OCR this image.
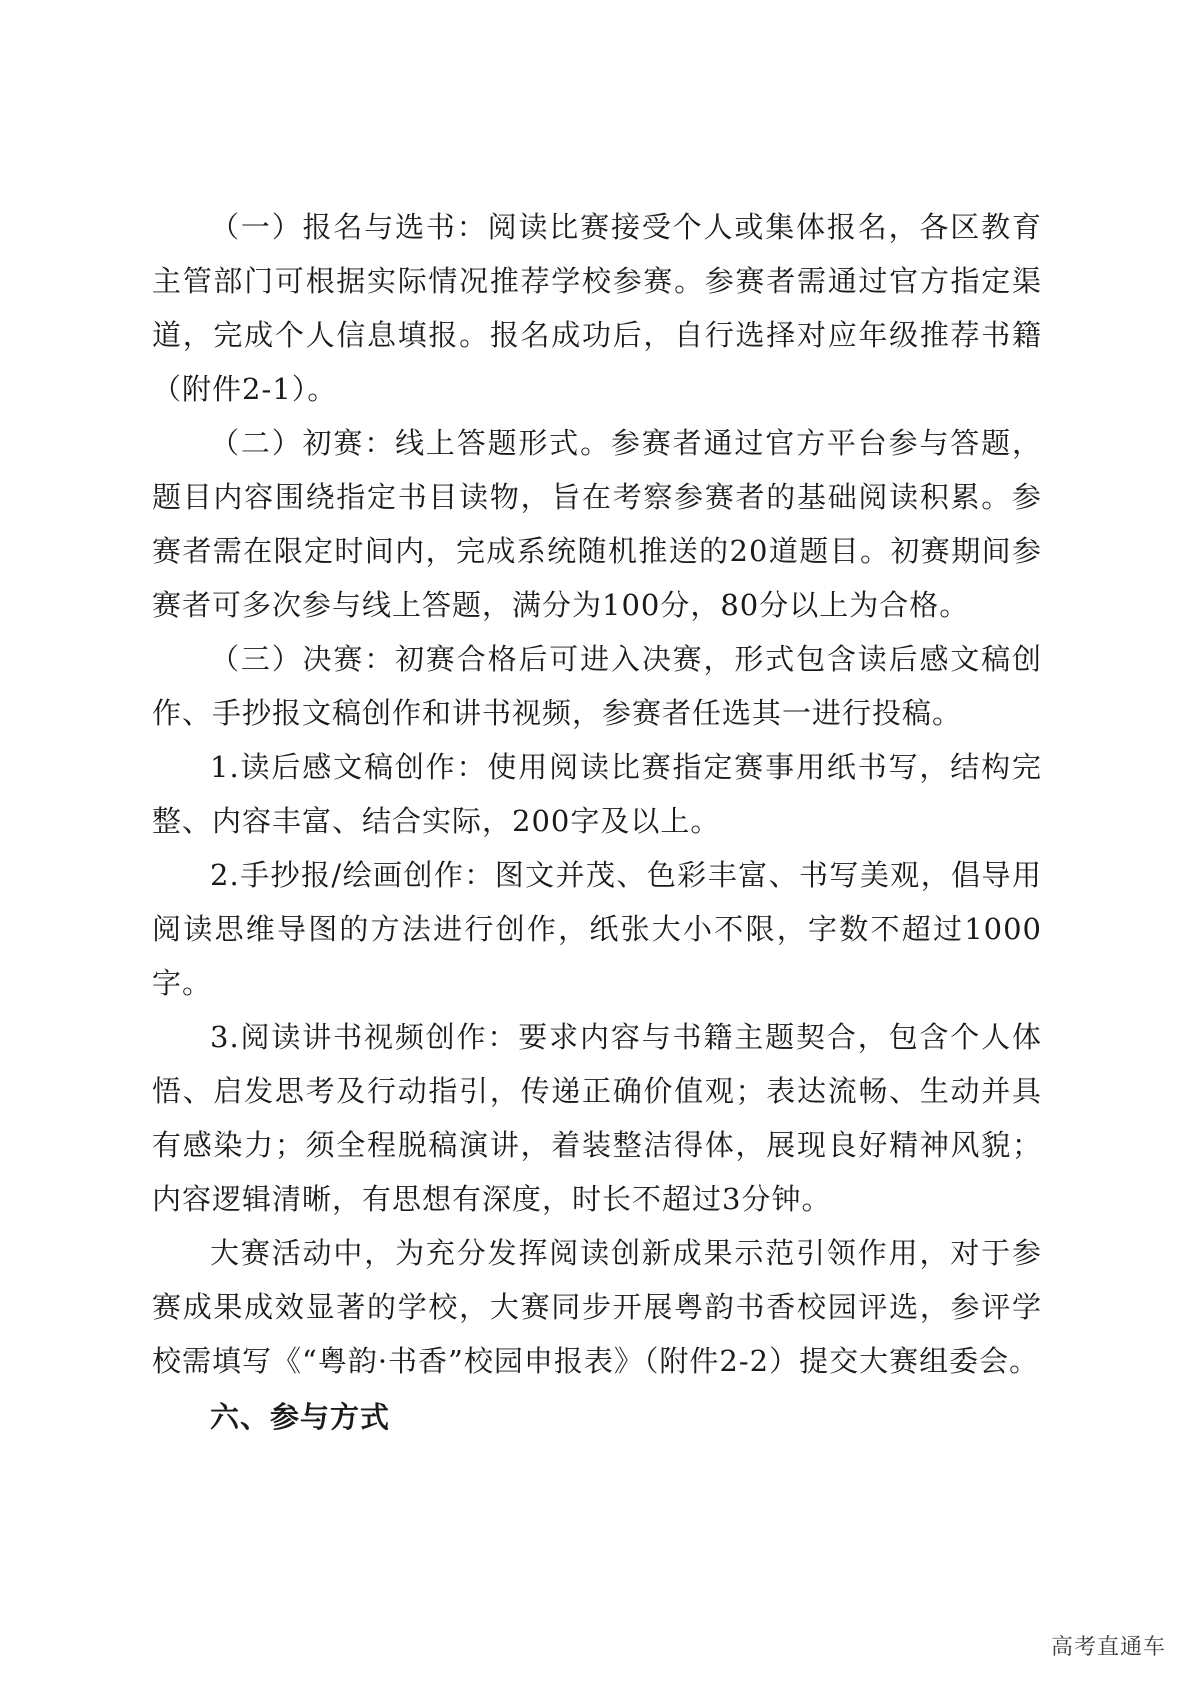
（一）报名与选书：阅读比赛接受个人或集体报名，各区教育主管部门可根据实际情况推荐学校参赛。参赛者需通过官方指定渠道，完成个人信息填报。报名成功后，自行选择对应年级推荐书籍（附件2-1）。

（二）初赛：线上答题形式。参赛者通过官方平台参与答题，题目内容围绕指定书目读物，旨在考察参赛者的基础阅读积累。参赛者需在限定时间内，完成系统随机推送的20道题目。初赛期间参赛者可多次参与线上答题，满分为100分，80分以上为合格。

（三）决赛：初赛合格后可进入决赛，形式包含读后感文稿创作、手抄报文稿创作和讲书视频，参赛者任选其一进行投稿。

1.读后感文稿创作：使用阅读比赛指定赛事用纸书写，结构完整、内容丰富、结合实际，200字及以上。

2.手抄报/绘画创作：图文并茂、色彩丰富、书写美观，倡导用阅读思维导图的方法进行创作，纸张大小不限，字数不超过1000字。

3.阅读讲书视频创作：要求内容与书籍主题契合，包含个人体悟、启发思考及行动指引，传递正确价值观；表达流畅、生动并具有感染力；须全程脱稿演讲，着装整洁得体，展现良好精神风貌；内容逻辑清晰，有思想有深度，时长不超过3分钟。

大赛活动中，为充分发挥阅读创新成果示范引领作用，对于参赛成果成效显著的学校，大赛同步开展粤韵书香校园评选，参评学校需填写《“粤韵·书香”校园申报表》（附件2-2）提交大赛组委会。

六、参与方式

高考直通车
